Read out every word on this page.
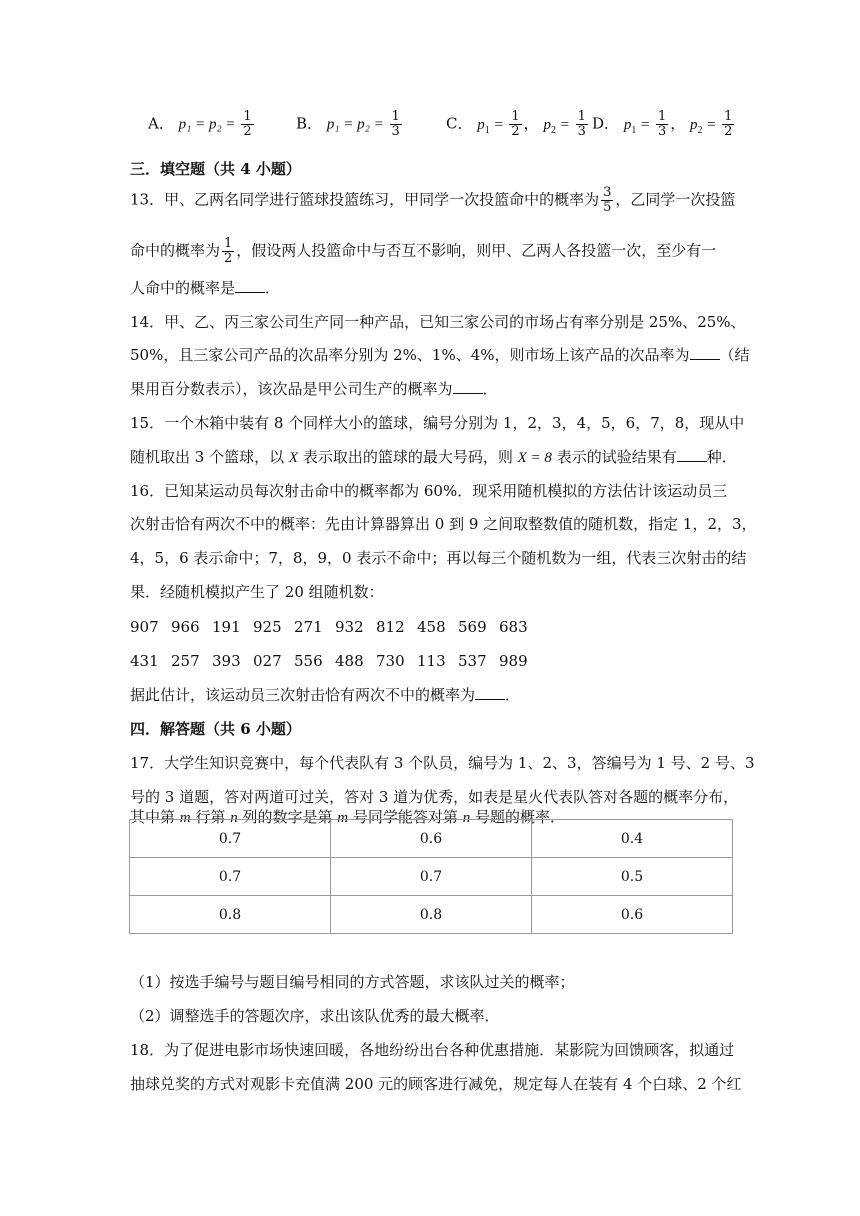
A． $p_1 = p_2 = \frac{1}{2}$	B． $p_1 = p_2 = \frac{1}{3}$	C． $p_1 = \frac{1}{2}$ ， $p_2 = \frac{1}{3}$ D． $p_1 = \frac{1}{3}$ ， $p_2 = \frac{1}{2}$
三．填空题（共 4 小题）
13．甲、乙两名同学进行篮球投篮练习，甲同学一次投篮命中的概率为 $\frac{3}{5}$ ，乙同学一次投篮
命中的概率为 $\frac{1}{2}$ ，假设两人投篮命中与否互不影响，则甲、乙两人各投篮一次，至少有一
人命中的概率是 ．
14．甲、乙、丙三家公司生产同一种产品，已知三家公司的市场占有率分别是 25%、25%、
50%，且三家公司产品的次品率分别为 2%、1%、4%，则市场上该产品的次品率为 （结
果用百分数表示），该次品是甲公司生产的概率为 ．
15．一个木箱中装有 8 个同样大小的篮球，编号分别为 1，2，3，4，5，6，7，8，现从中
随机取出 3 个篮球，以 X 表示取出的篮球的最大号码，则 X = 8 表示的试验结果有 种．
16．已知某运动员每次射击命中的概率都为 60%．现采用随机模拟的方法估计该运动员三
次射击恰有两次不中的概率：先由计算器算出 0 到 9 之间取整数值的随机数，指定 1，2，3，
4，5，6 表示命中；7，8，9，0 表示不命中；再以每三个随机数为一组，代表三次射击的结
果．经随机模拟产生了 20 组随机数：
907 966 191 925 271 932 812 458 569 683
431 257 393 027 556 488 730 113 537 989
据此估计，该运动员三次射击恰有两次不中的概率为 ．
四．解答题（共 6 小题）
17．大学生知识竞赛中，每个代表队有 3 个队员，编号为 1、2、3，答编号为 1 号、2 号、3
号的 3 道题，答对两道可过关，答对 3 道为优秀，如表是星火代表队答对各题的概率分布，
其中第 m 行第 n 列的数字是第 m 号同学能答对第 n 号题的概率．
0.7	0.6	0.4
0.7	0.7	0.5
0.8	0.8	0.6
（1）按选手编号与题目编号相同的方式答题，求该队过关的概率；
（2）调整选手的答题次序，求出该队优秀的最大概率．
18．为了促进电影市场快速回暖，各地纷纷出台各种优惠措施．某影院为回馈顾客，拟通过
抽球兑奖的方式对观影卡充值满 200 元的顾客进行减免，规定每人在装有 4 个白球、2 个红
